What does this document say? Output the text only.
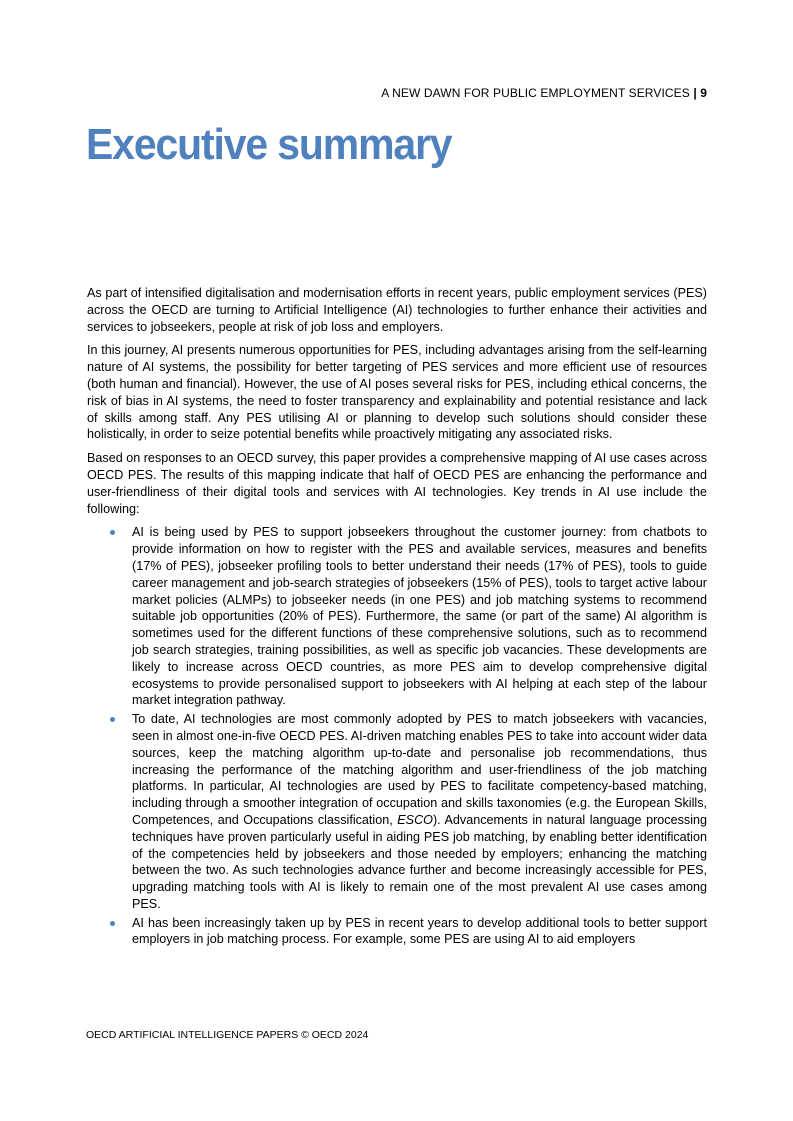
A NEW DAWN FOR PUBLIC EMPLOYMENT SERVICES | 9
Executive summary

As part of intensified digitalisation and modernisation efforts in recent years, public employment services (PES) across the OECD are turning to Artificial Intelligence (AI) technologies to further enhance their activities and services to jobseekers, people at risk of job loss and employers.

In this journey, AI presents numerous opportunities for PES, including advantages arising from the self-learning nature of AI systems, the possibility for better targeting of PES services and more efficient use of resources (both human and financial). However, the use of AI poses several risks for PES, including ethical concerns, the risk of bias in AI systems, the need to foster transparency and explainability and potential resistance and lack of skills among staff. Any PES utilising AI or planning to develop such solutions should consider these holistically, in order to seize potential benefits while proactively mitigating any associated risks.

Based on responses to an OECD survey, this paper provides a comprehensive mapping of AI use cases across OECD PES. The results of this mapping indicate that half of OECD PES are enhancing the performance and user-friendliness of their digital tools and services with AI technologies. Key trends in AI use include the following:

AI is being used by PES to support jobseekers throughout the customer journey: from chatbots to provide information on how to register with the PES and available services, measures and benefits (17% of PES), jobseeker profiling tools to better understand their needs (17% of PES), tools to guide career management and job-search strategies of jobseekers (15% of PES), tools to target active labour market policies (ALMPs) to jobseeker needs (in one PES) and job matching systems to recommend suitable job opportunities (20% of PES). Furthermore, the same (or part of the same) AI algorithm is sometimes used for the different functions of these comprehensive solutions, such as to recommend job search strategies, training possibilities, as well as specific job vacancies. These developments are likely to increase across OECD countries, as more PES aim to develop comprehensive digital ecosystems to provide personalised support to jobseekers with AI helping at each step of the labour market integration pathway.
To date, AI technologies are most commonly adopted by PES to match jobseekers with vacancies, seen in almost one-in-five OECD PES. AI-driven matching enables PES to take into account wider data sources, keep the matching algorithm up-to-date and personalise job recommendations, thus increasing the performance of the matching algorithm and user-friendliness of the job matching platforms. In particular, AI technologies are used by PES to facilitate competency-based matching, including through a smoother integration of occupation and skills taxonomies (e.g. the European Skills, Competences, and Occupations classification, ESCO). Advancements in natural language processing techniques have proven particularly useful in aiding PES job matching, by enabling better identification of the competencies held by jobseekers and those needed by employers; enhancing the matching between the two. As such technologies advance further and become increasingly accessible for PES, upgrading matching tools with AI is likely to remain one of the most prevalent AI use cases among PES.
AI has been increasingly taken up by PES in recent years to develop additional tools to better support employers in job matching process. For example, some PES are using AI to aid employers
OECD ARTIFICIAL INTELLIGENCE PAPERS © OECD 2024
